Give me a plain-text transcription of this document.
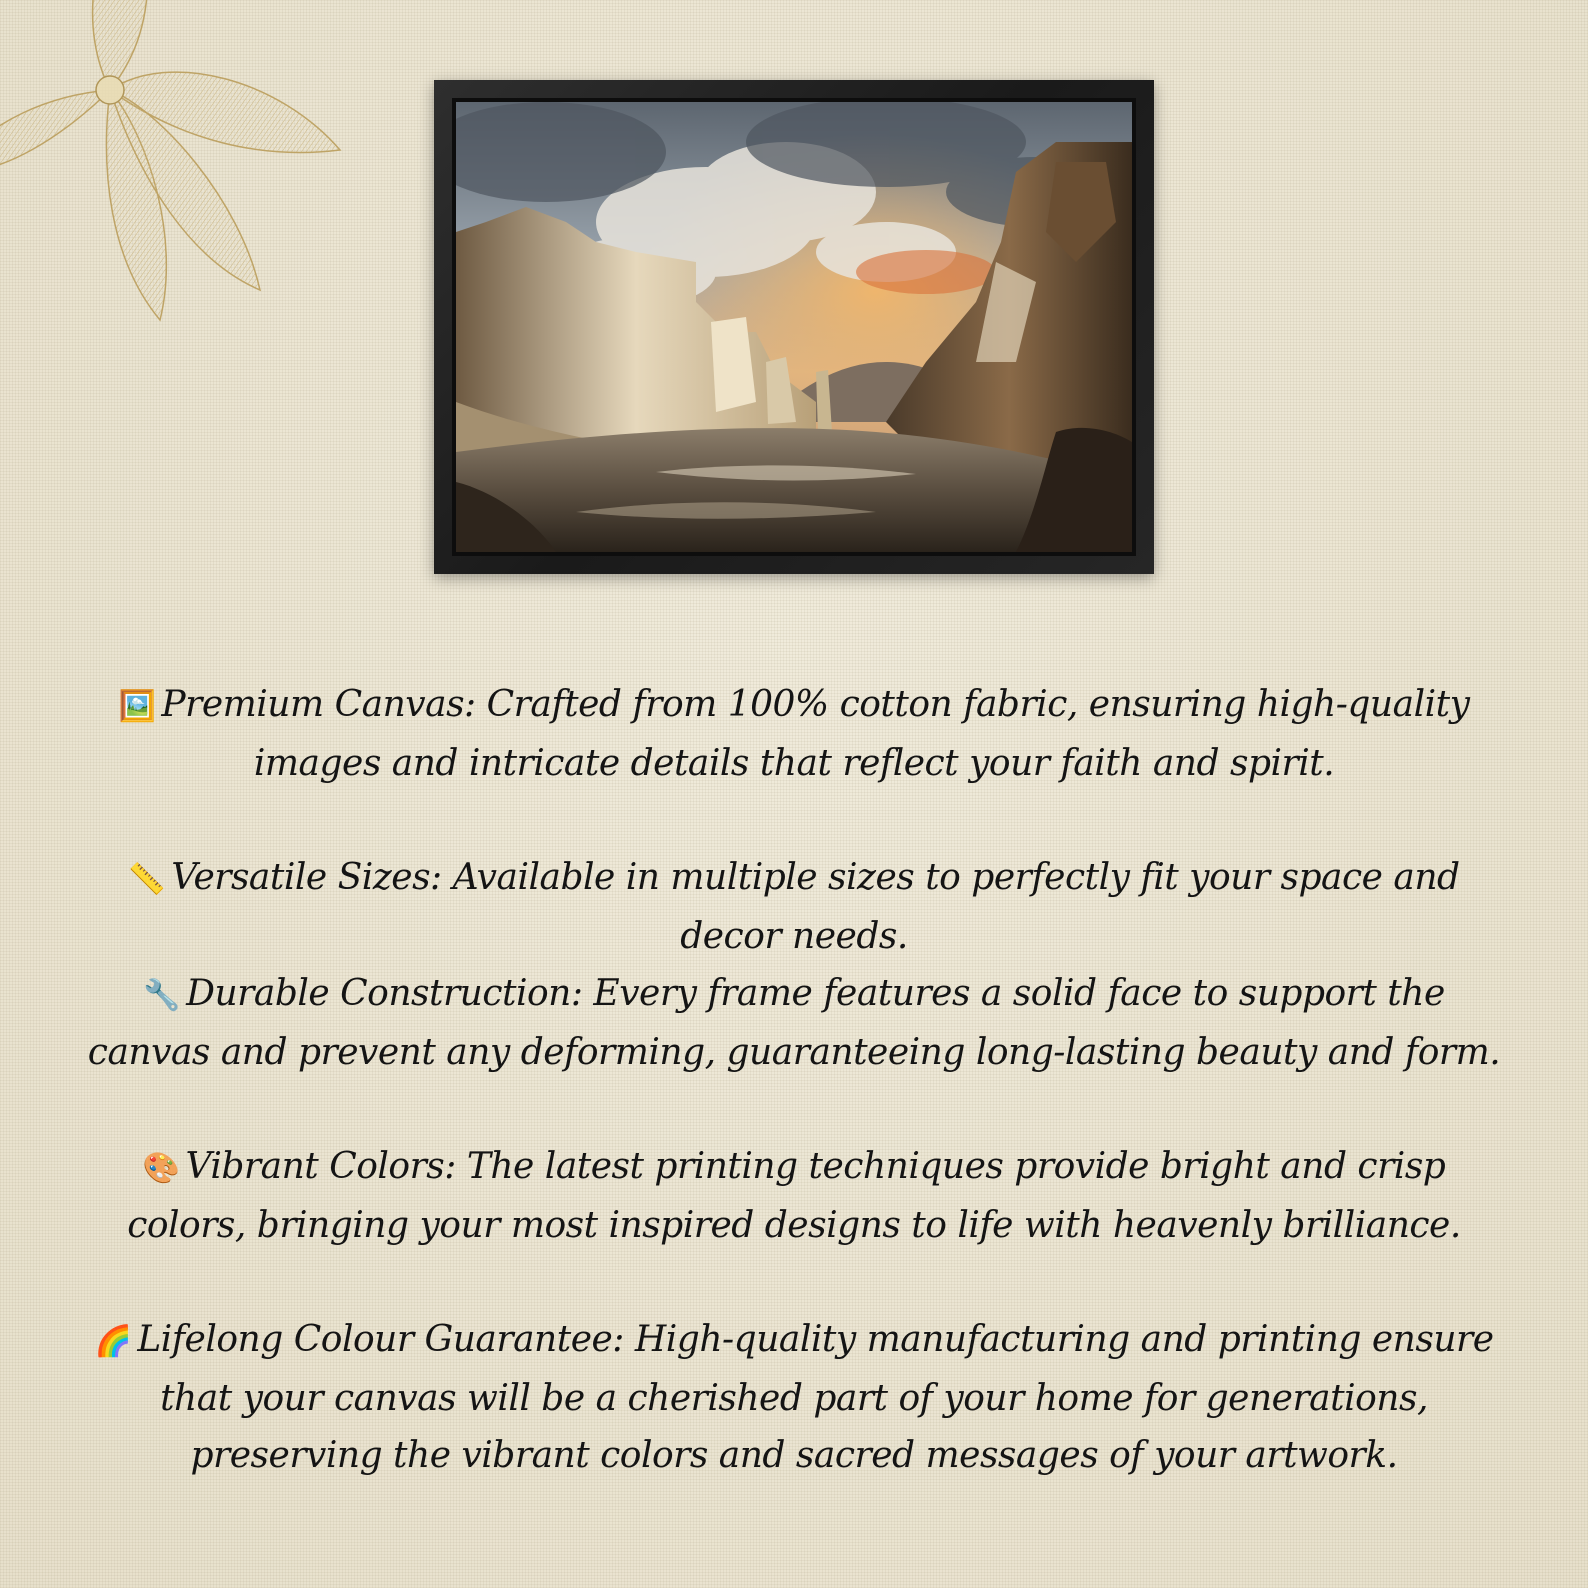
🖼️ Premium Canvas: Crafted from 100% cotton fabric, ensuring high-quality images and intricate details that reflect your faith and spirit.

📏 Versatile Sizes: Available in multiple sizes to perfectly fit your space and decor needs.

🔧 Durable Construction: Every frame features a solid face to support the canvas and prevent any deforming, guaranteeing long-lasting beauty and form.

🎨 Vibrant Colors: The latest printing techniques provide bright and crisp colors, bringing your most inspired designs to life with heavenly brilliance.

🌈 Lifelong Colour Guarantee: High-quality manufacturing and printing ensure that your canvas will be a cherished part of your home for generations, preserving the vibrant colors and sacred messages of your artwork.
